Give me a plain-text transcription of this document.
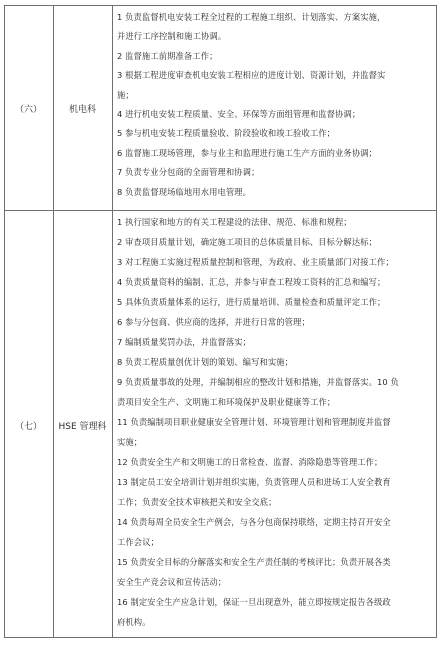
（六）	机电科
1 负责监督机电安装工程全过程的工程施工组织、计划落实、方案实施，
并进行工序控制和施工协调。
2 监督施工前期准备工作；
3 根据工程进度审查机电安装工程相应的进度计划、资源计划，并监督实
施；
4 进行机电安装工程质量、安全、环保等方面组管理和监督协调；
5 参与机电安装工程质量验收、阶段验收和竣工验收工作；
6 监督施工现场管理，参与业主和监理进行施工生产方面的业务协调；
7 负责专业分包商的全面管理和协调；
8 负责监督现场临地用水用电管理。
（七）	HSE 管理科
1 执行国家和地方的有关工程建设的法律、规范、标准和规程；
2 审查项目质量计划，确定施工项目的总体质量目标、目标分解达标；
3 对工程施工实施过程质量控制和管理，为政府、业主质量部门对接工作；
4 负责质量资料的编制、汇总，并参与审查工程竣工资料的汇总和编写；
5 具体负责质量体系的运行，进行质量培训、质量检查和质量评定工作；
6 参与分包商、供应商的选择，并进行日常的管理；
7 编制质量奖罚办法，并监督落实；
8 负责工程质量创优计划的策划、编写和实施；
9 负责质量事故的处理，并编制相应的整改计划和措施，并监督落实。10 负
责项目安全生产、文明施工和环境保护及职业健康等工作；
11 负责编制项目职业健康安全管理计划、环境管理计划和管理制度并监督
实施；
12 负责安全生产和文明施工的日常检查、监督、消除隐患等管理工作；
13 制定员工安全培训计划并组织实施，负责管理人员和进场工人安全教育
工作；负责安全技术审核把关和安全交底；
14 负责每周全员安全生产例会，与各分包商保持联络，定期主持召开安全
工作会议；
15 负责安全目标的分解落实和安全生产责任制的考核评比；负责开展各类
安全生产竞会议和宣传活动；
16 制定安全生产应急计划，保证一旦出现意外，能立即按规定报告各级政
府机构。
